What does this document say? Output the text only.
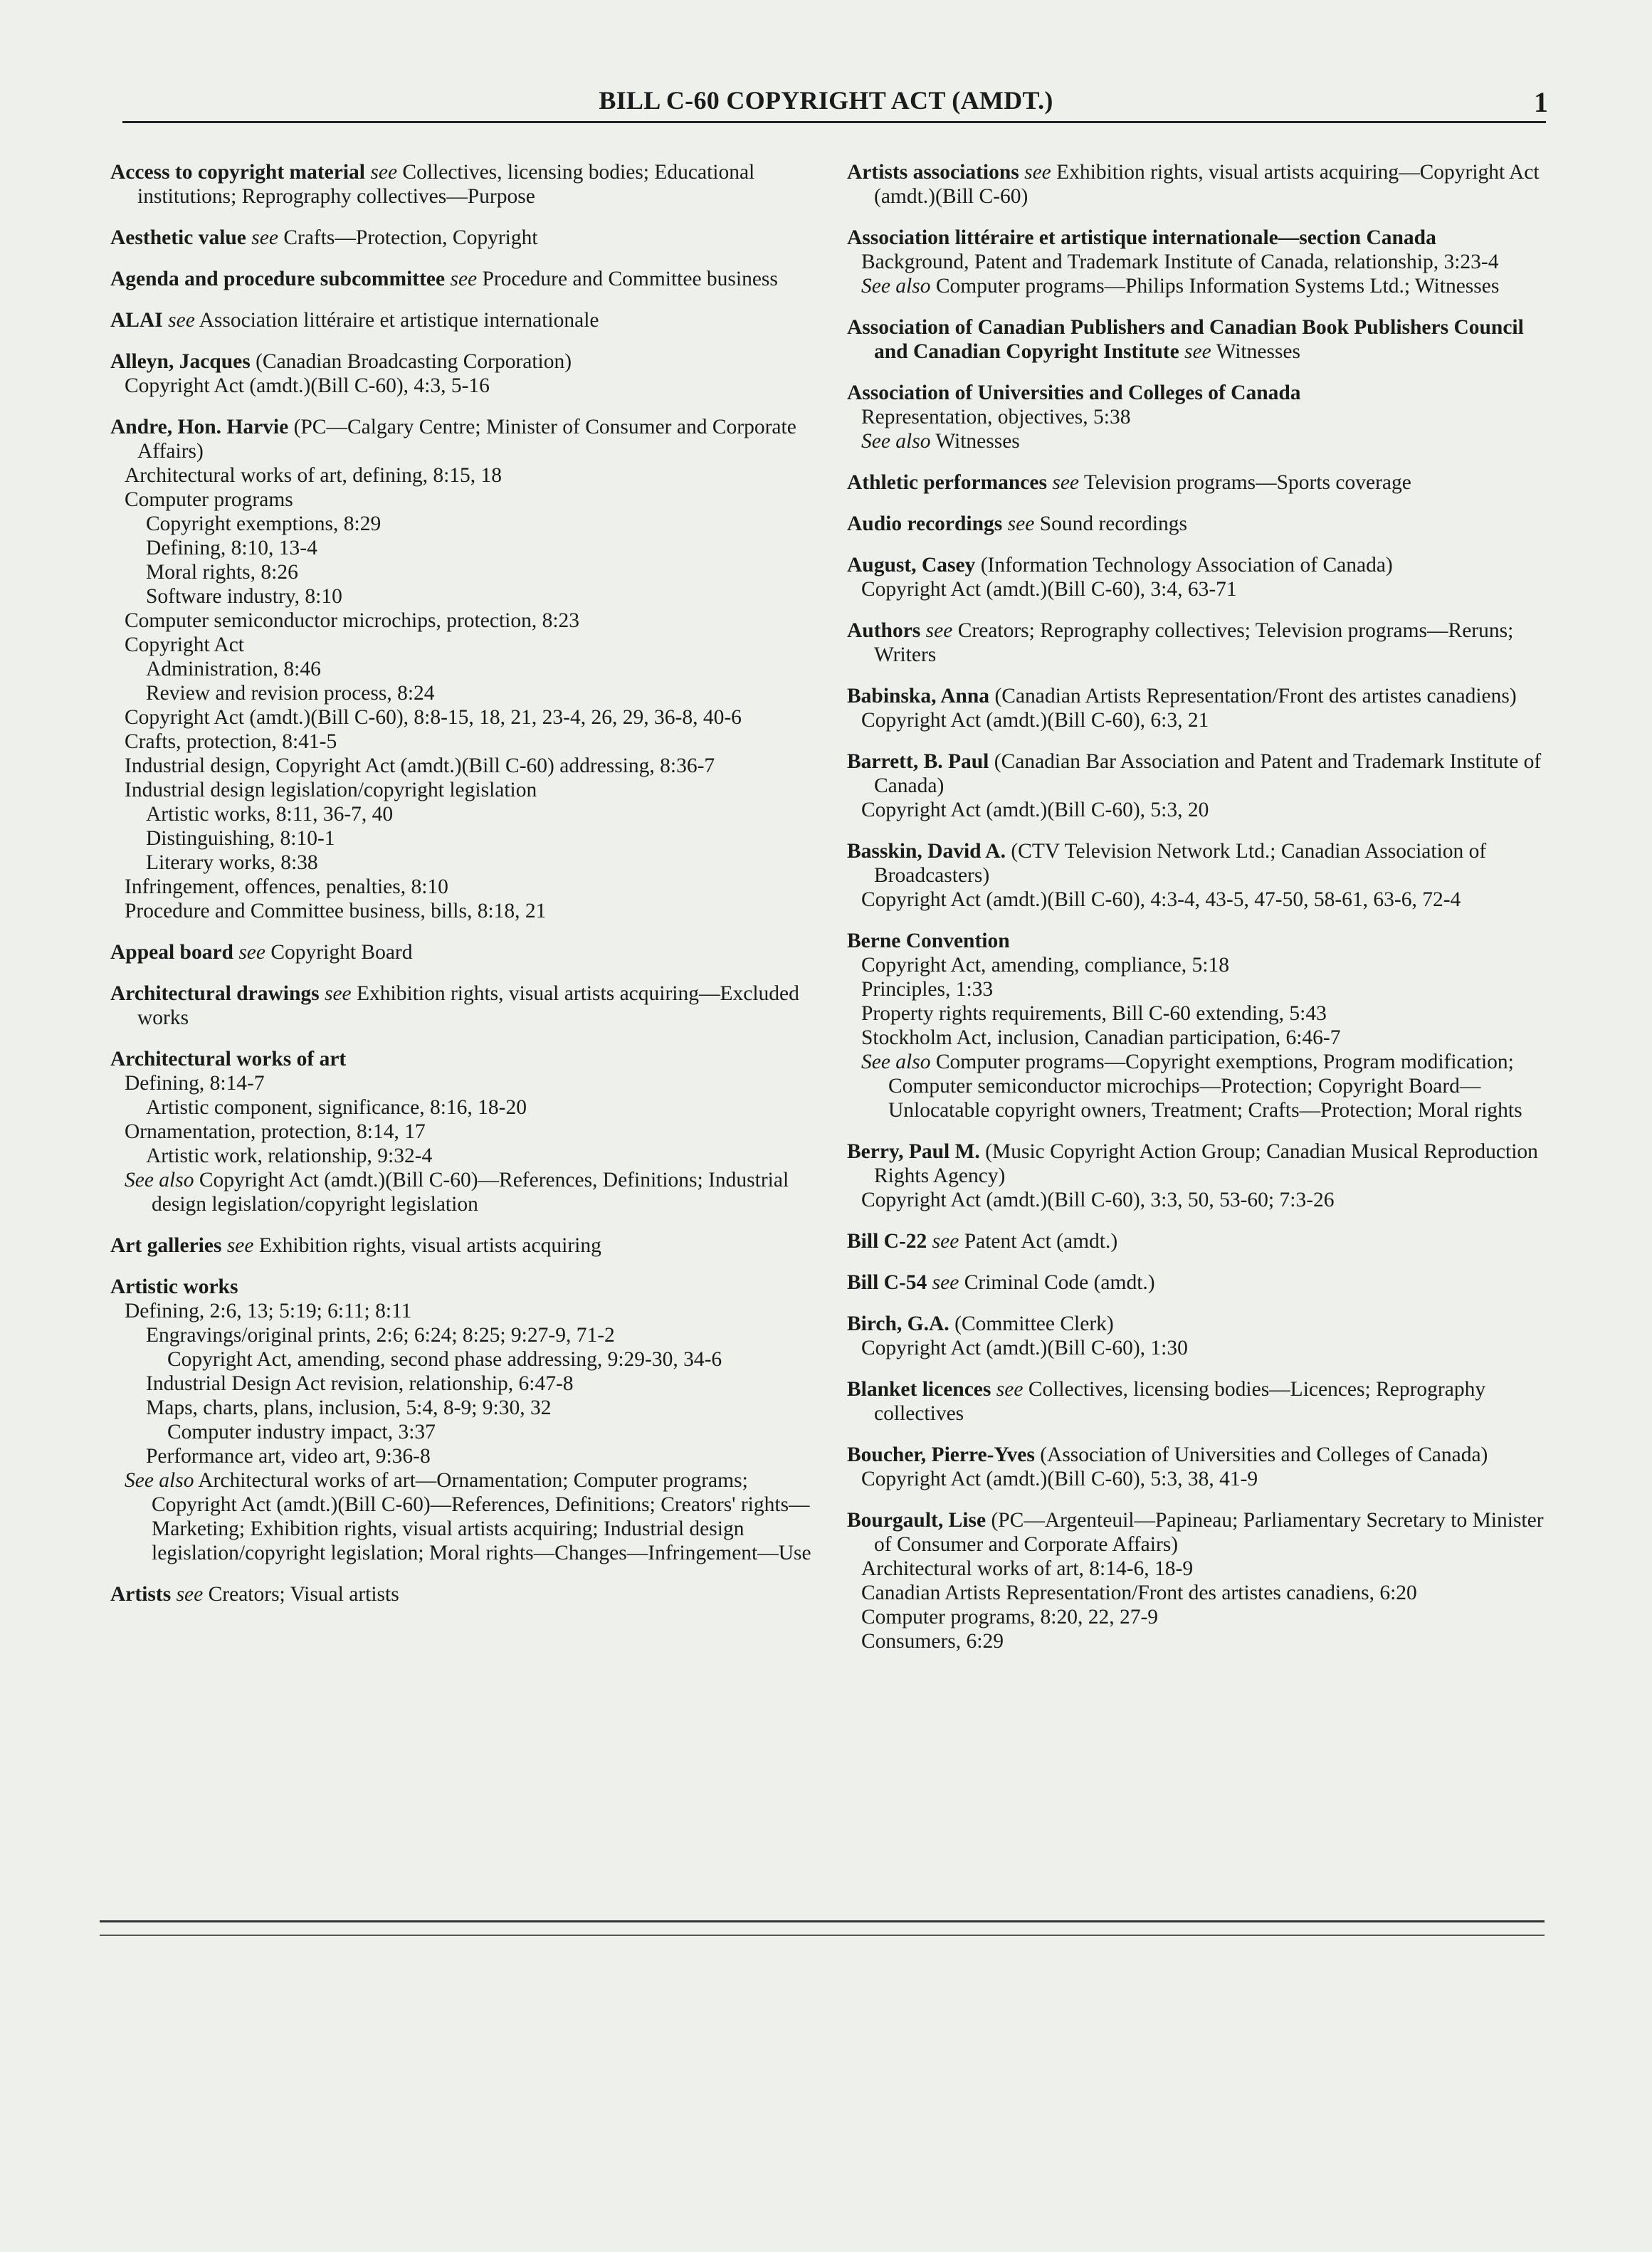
BILL C-60 COPYRIGHT ACT (AMDT.)	1
Access to copyright material see Collectives, licensing bodies; Educational institutions; Reprography collectives—Purpose
Aesthetic value see Crafts—Protection, Copyright
Agenda and procedure subcommittee see Procedure and Committee business
ALAI see Association littéraire et artistique internationale
Alleyn, Jacques (Canadian Broadcasting Corporation)
Copyright Act (amdt.)(Bill C-60), 4:3, 5-16
Andre, Hon. Harvie (PC—Calgary Centre; Minister of Consumer and Corporate Affairs)
Architectural works of art, defining, 8:15, 18
Computer programs
Copyright exemptions, 8:29
Defining, 8:10, 13-4
Moral rights, 8:26
Software industry, 8:10
Computer semiconductor microchips, protection, 8:23
Copyright Act
Administration, 8:46
Review and revision process, 8:24
Copyright Act (amdt.)(Bill C-60), 8:8-15, 18, 21, 23-4, 26, 29, 36-8, 40-6
Crafts, protection, 8:41-5
Industrial design, Copyright Act (amdt.)(Bill C-60) addressing, 8:36-7
Industrial design legislation/copyright legislation
Artistic works, 8:11, 36-7, 40
Distinguishing, 8:10-1
Literary works, 8:38
Infringement, offences, penalties, 8:10
Procedure and Committee business, bills, 8:18, 21
Appeal board see Copyright Board
Architectural drawings see Exhibition rights, visual artists acquiring—Excluded works
Architectural works of art
Defining, 8:14-7
Artistic component, significance, 8:16, 18-20
Ornamentation, protection, 8:14, 17
Artistic work, relationship, 9:32-4
See also Copyright Act (amdt.)(Bill C-60)—References, Definitions; Industrial design legislation/copyright legislation
Art galleries see Exhibition rights, visual artists acquiring
Artistic works
Defining, 2:6, 13; 5:19; 6:11; 8:11
Engravings/original prints, 2:6; 6:24; 8:25; 9:27-9, 71-2
Copyright Act, amending, second phase addressing, 9:29-30, 34-6
Industrial Design Act revision, relationship, 6:47-8
Maps, charts, plans, inclusion, 5:4, 8-9; 9:30, 32
Computer industry impact, 3:37
Performance art, video art, 9:36-8
See also Architectural works of art—Ornamentation; Computer programs; Copyright Act (amdt.)(Bill C-60)—References, Definitions; Creators' rights—Marketing; Exhibition rights, visual artists acquiring; Industrial design legislation/copyright legislation; Moral rights—Changes—Infringement—Use
Artists see Creators; Visual artists
Artists associations see Exhibition rights, visual artists acquiring—Copyright Act (amdt.)(Bill C-60)
Association littéraire et artistique internationale—section Canada
Background, Patent and Trademark Institute of Canada, relationship, 3:23-4
See also Computer programs—Philips Information Systems Ltd.; Witnesses
Association of Canadian Publishers and Canadian Book Publishers Council and Canadian Copyright Institute see Witnesses
Association of Universities and Colleges of Canada
Representation, objectives, 5:38
See also Witnesses
Athletic performances see Television programs—Sports coverage
Audio recordings see Sound recordings
August, Casey (Information Technology Association of Canada)
Copyright Act (amdt.)(Bill C-60), 3:4, 63-71
Authors see Creators; Reprography collectives; Television programs—Reruns; Writers
Babinska, Anna (Canadian Artists Representation/Front des artistes canadiens)
Copyright Act (amdt.)(Bill C-60), 6:3, 21
Barrett, B. Paul (Canadian Bar Association and Patent and Trademark Institute of Canada)
Copyright Act (amdt.)(Bill C-60), 5:3, 20
Basskin, David A. (CTV Television Network Ltd.; Canadian Association of Broadcasters)
Copyright Act (amdt.)(Bill C-60), 4:3-4, 43-5, 47-50, 58-61, 63-6, 72-4
Berne Convention
Copyright Act, amending, compliance, 5:18
Principles, 1:33
Property rights requirements, Bill C-60 extending, 5:43
Stockholm Act, inclusion, Canadian participation, 6:46-7
See also Computer programs—Copyright exemptions, Program modification; Computer semiconductor microchips—Protection; Copyright Board—Unlocatable copyright owners, Treatment; Crafts—Protection; Moral rights
Berry, Paul M. (Music Copyright Action Group; Canadian Musical Reproduction Rights Agency)
Copyright Act (amdt.)(Bill C-60), 3:3, 50, 53-60; 7:3-26
Bill C-22 see Patent Act (amdt.)
Bill C-54 see Criminal Code (amdt.)
Birch, G.A. (Committee Clerk)
Copyright Act (amdt.)(Bill C-60), 1:30
Blanket licences see Collectives, licensing bodies—Licences; Reprography collectives
Boucher, Pierre-Yves (Association of Universities and Colleges of Canada)
Copyright Act (amdt.)(Bill C-60), 5:3, 38, 41-9
Bourgault, Lise (PC—Argenteuil—Papineau; Parliamentary Secretary to Minister of Consumer and Corporate Affairs)
Architectural works of art, 8:14-6, 18-9
Canadian Artists Representation/Front des artistes canadiens, 6:20
Computer programs, 8:20, 22, 27-9
Consumers, 6:29
